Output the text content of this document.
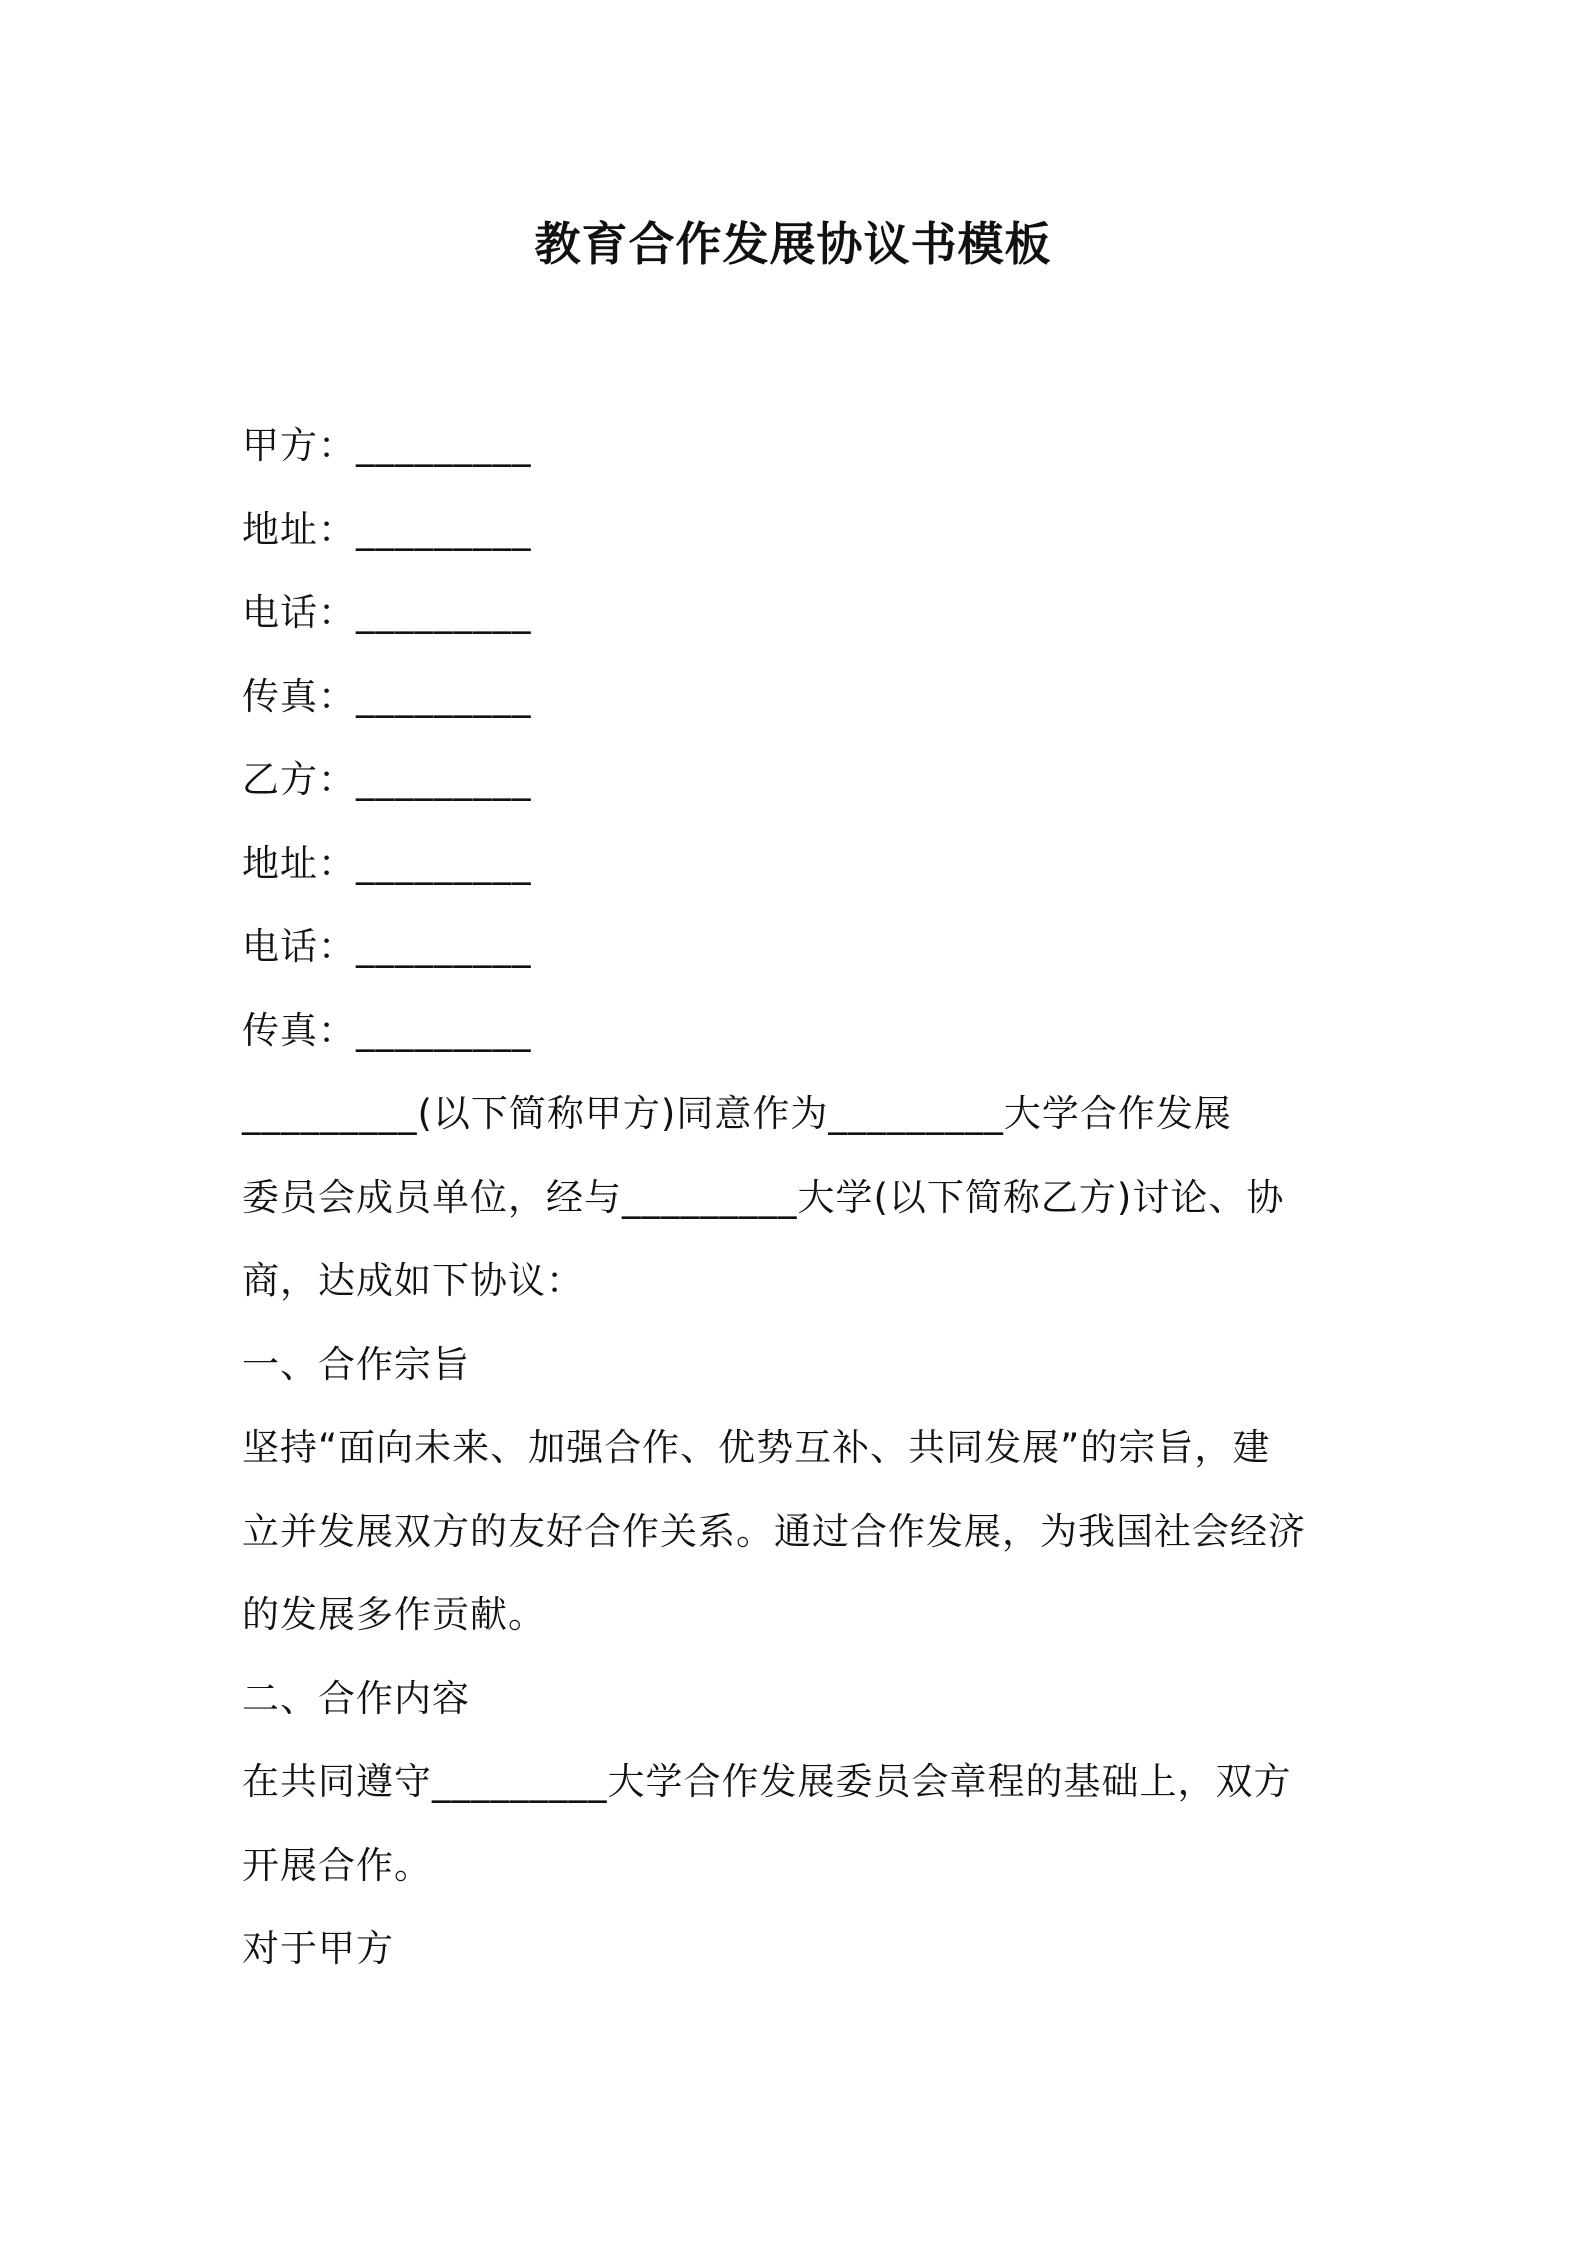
教育合作发展协议书模板
甲方：_________
地址：_________
电话：_________
传真：_________
乙方：_________
地址：_________
电话：_________
传真：_________
_________(以下简称甲方)同意作为_________大学合作发展
委员会成员单位，经与_________大学(以下简称乙方)讨论、协
商，达成如下协议：
一、合作宗旨
坚持“面向未来、加强合作、优势互补、共同发展”的宗旨，建
立并发展双方的友好合作关系。通过合作发展，为我国社会经济
的发展多作贡献。
二、合作内容
在共同遵守_________大学合作发展委员会章程的基础上，双方
开展合作。
对于甲方
